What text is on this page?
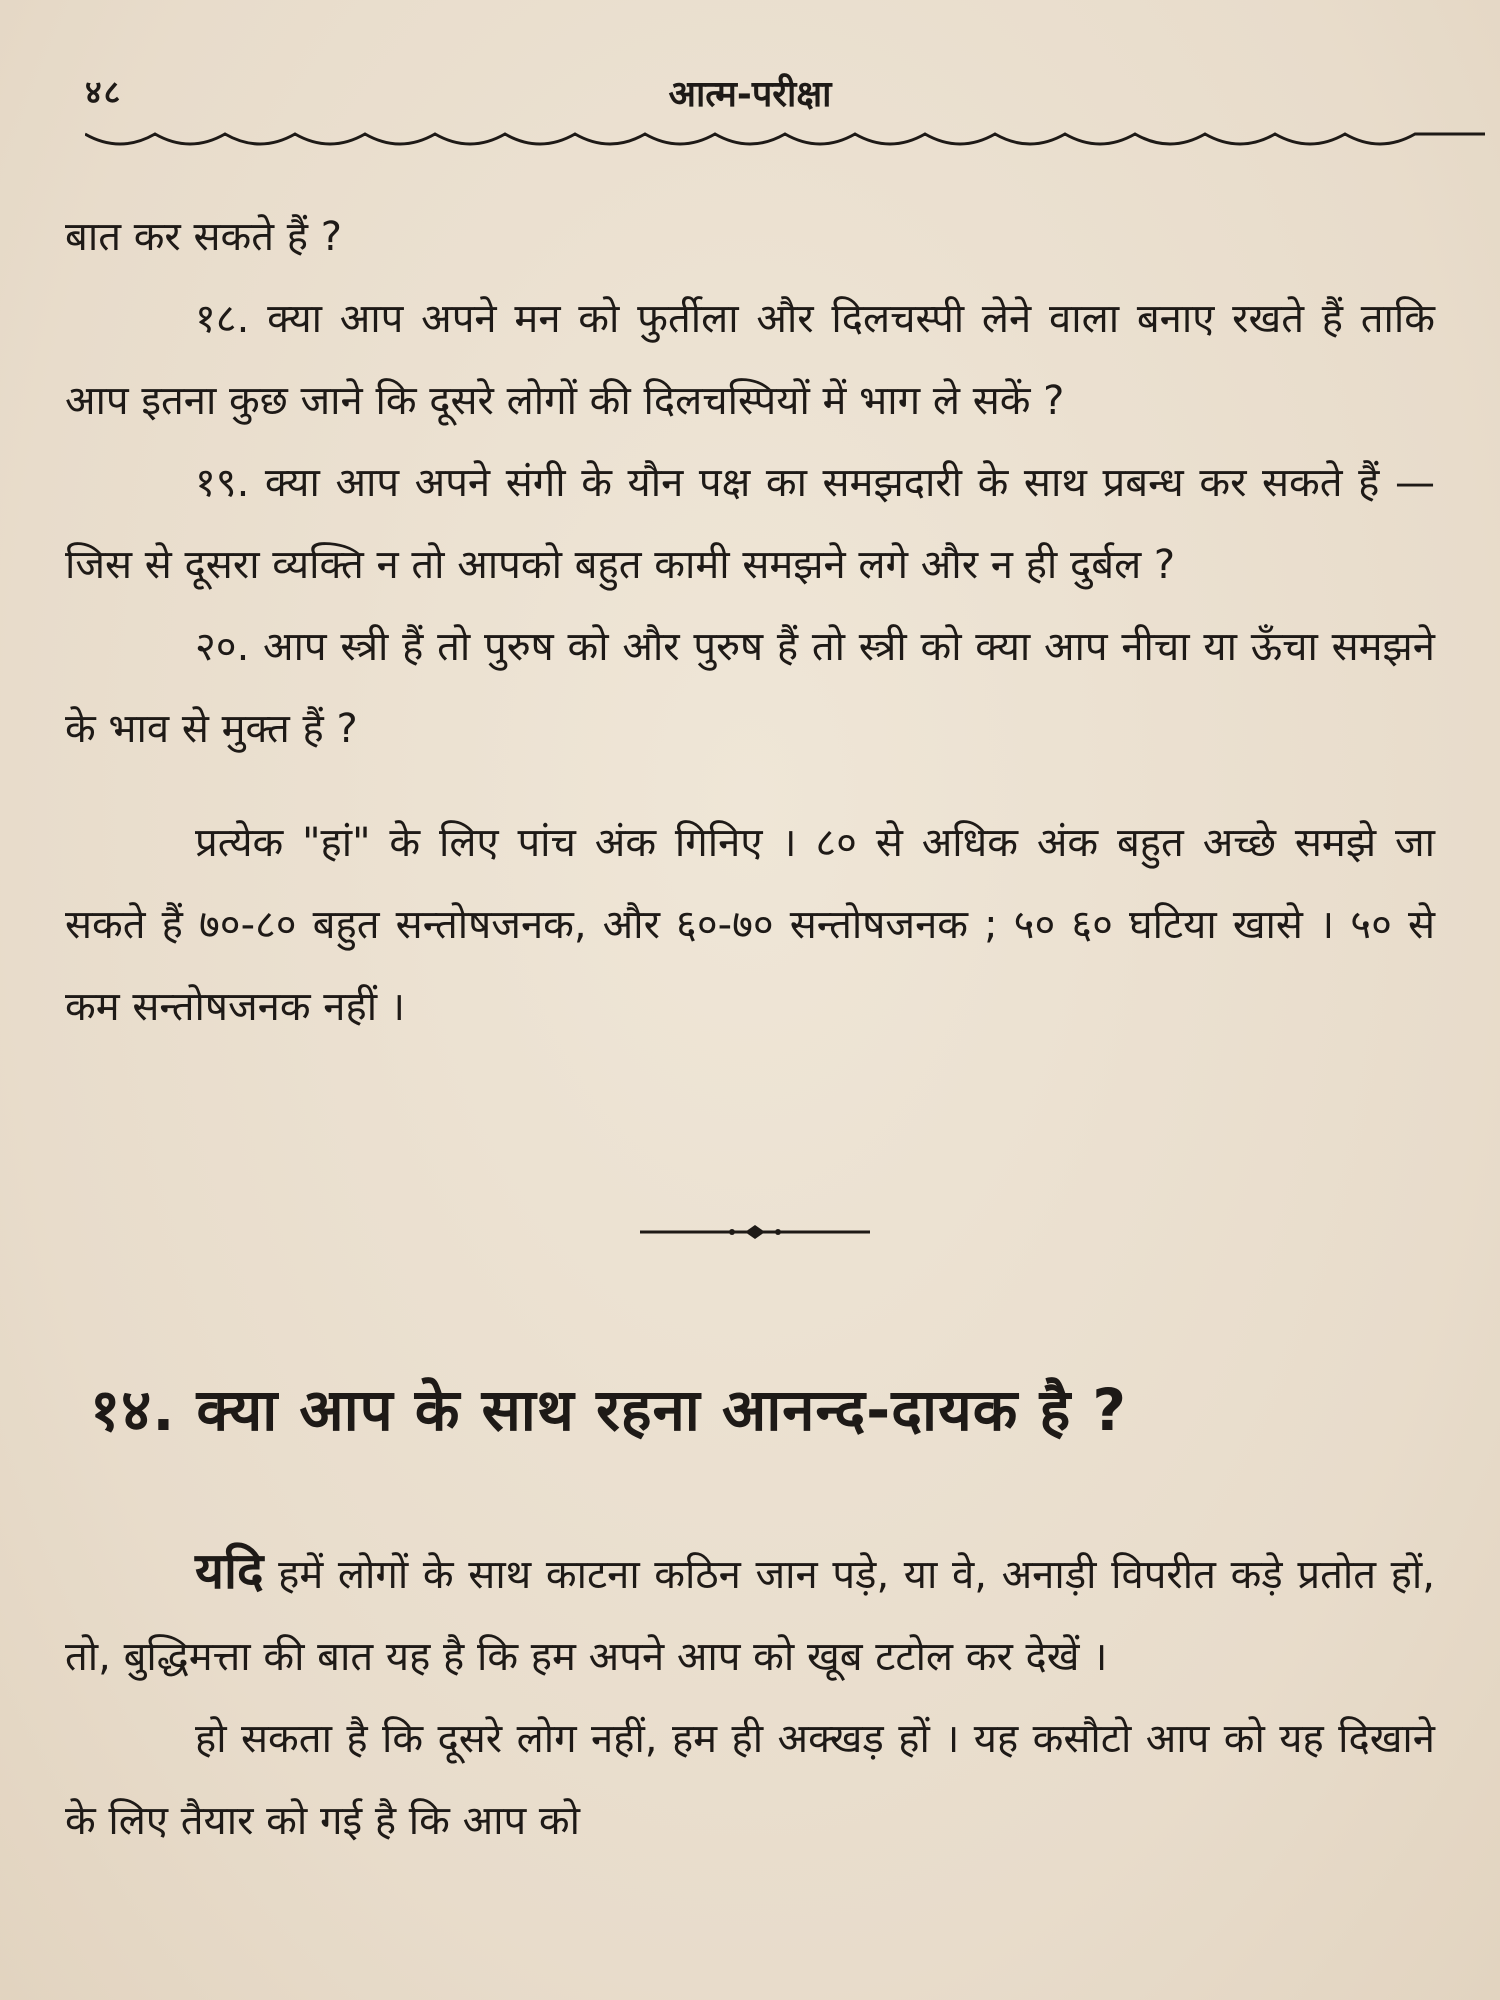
४८	आत्म-परीक्षा

बात कर सकते हैं ?

१८. क्या आप अपने मन को फुर्तीला और दिलचस्पी लेने वाला बनाए रखते हैं ताकि आप इतना कुछ जाने कि दूसरे लोगों की दिलचस्पियों में भाग ले सकें ?

१९. क्या आप अपने संगी के यौन पक्ष का समझदारी के साथ प्रबन्ध कर सकते हैं — जिस से दूसरा व्यक्ति न तो आपको बहुत कामी समझने लगे और न ही दुर्बल ?

२०. आप स्त्री हैं तो पुरुष को और पुरुष हैं तो स्त्री को क्या आप नीचा या ऊँचा समझने के भाव से मुक्त हैं ?

प्रत्येक "हां" के लिए पांच अंक गिनिए । ८० से अधिक अंक बहुत अच्छे समझे जा सकते हैं ७०-८० बहुत सन्तोषजनक, और ६०-७० सन्तोषजनक ; ५० ६० घटिया खासे । ५० से कम सन्तोषजनक नहीं ।

१४. क्या आप के साथ रहना आनन्द-दायक है ?

यदि हमें लोगों के साथ काटना कठिन जान पड़े, या वे, अनाड़ी विपरीत कड़े प्रतोत हों, तो, बुद्धिमत्ता की बात यह है कि हम अपने आप को खूब टटोल कर देखें ।

हो सकता है कि दूसरे लोग नहीं, हम ही अक्खड़ हों । यह कसौटो आप को यह दिखाने के लिए तैयार को गई है कि आप को
